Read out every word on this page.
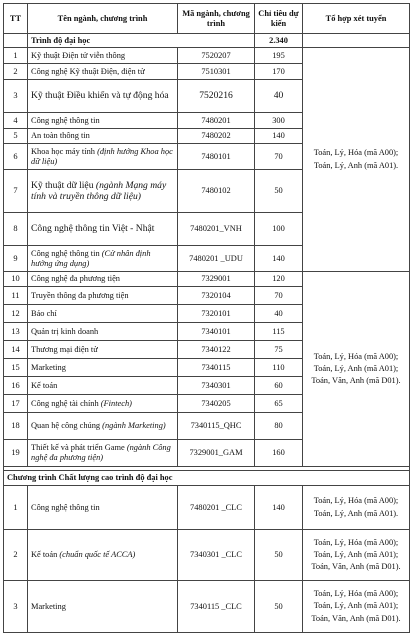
TT	Tên ngành, chương trình	Mã ngành, chương trình	Chỉ tiêu dự kiến	Tổ hợp xét tuyển
	Trình độ đại học		2.340	
1	Kỹ thuật Điện tử viễn thông	7520207	195	Toán, Lý, Hóa (mã A00); Toán, Lý, Anh (mã A01).
2	Công nghệ Kỹ thuật Điện, điện tử	7510301	170	
3	Kỹ thuật Điều khiển và tự động hóa	7520216	40	
4	Công nghệ thông tin	7480201	300	
5	An toàn thông tin	7480202	140	
6	Khoa học máy tính (định hướng Khoa học dữ liệu)	7480101	70	
7	Kỹ thuật dữ liệu (ngành Mạng máy tính và truyền thông dữ liệu)	7480102	50	
8	Công nghệ thông tin Việt - Nhật	7480201_VNH	100	
9	Công nghệ thông tin (Cử nhân định hướng ứng dụng)	7480201 _UDU	140	
10	Công nghệ đa phương tiện	7329001	120	Toán, Lý, Hóa (mã A00); Toán, Lý, Anh (mã A01); Toán, Văn, Anh (mã D01).
11	Truyền thông đa phương tiện	7320104	70	
12	Báo chí	7320101	40	
13	Quản trị kinh doanh	7340101	115	
14	Thương mại điện tử	7340122	75	
15	Marketing	7340115	110	
16	Kế toán	7340301	60	
17	Công nghệ tài chính (Fintech)	7340205	65	
18	Quan hệ công chúng (ngành Marketing)	7340115_QHC	80	
19	Thiết kế và phát triển Game (ngành Công nghệ đa phương tiện)	7329001_GAM	160	

Chương trình Chất lượng cao trình độ đại học				
1	Công nghệ thông tin	7480201 _CLC	140	Toán, Lý, Hóa (mã A00); Toán, Lý, Anh (mã A01).
2	Kế toán (chuẩn quốc tế ACCA)	7340301 _CLC	50	Toán, Lý, Hóa (mã A00); Toán, Lý, Anh (mã A01); Toán, Văn, Anh (mã D01).
3	Marketing	7340115 _CLC	50	Toán, Lý, Hóa (mã A00); Toán, Lý, Anh (mã A01); Toán, Văn, Anh (mã D01).
